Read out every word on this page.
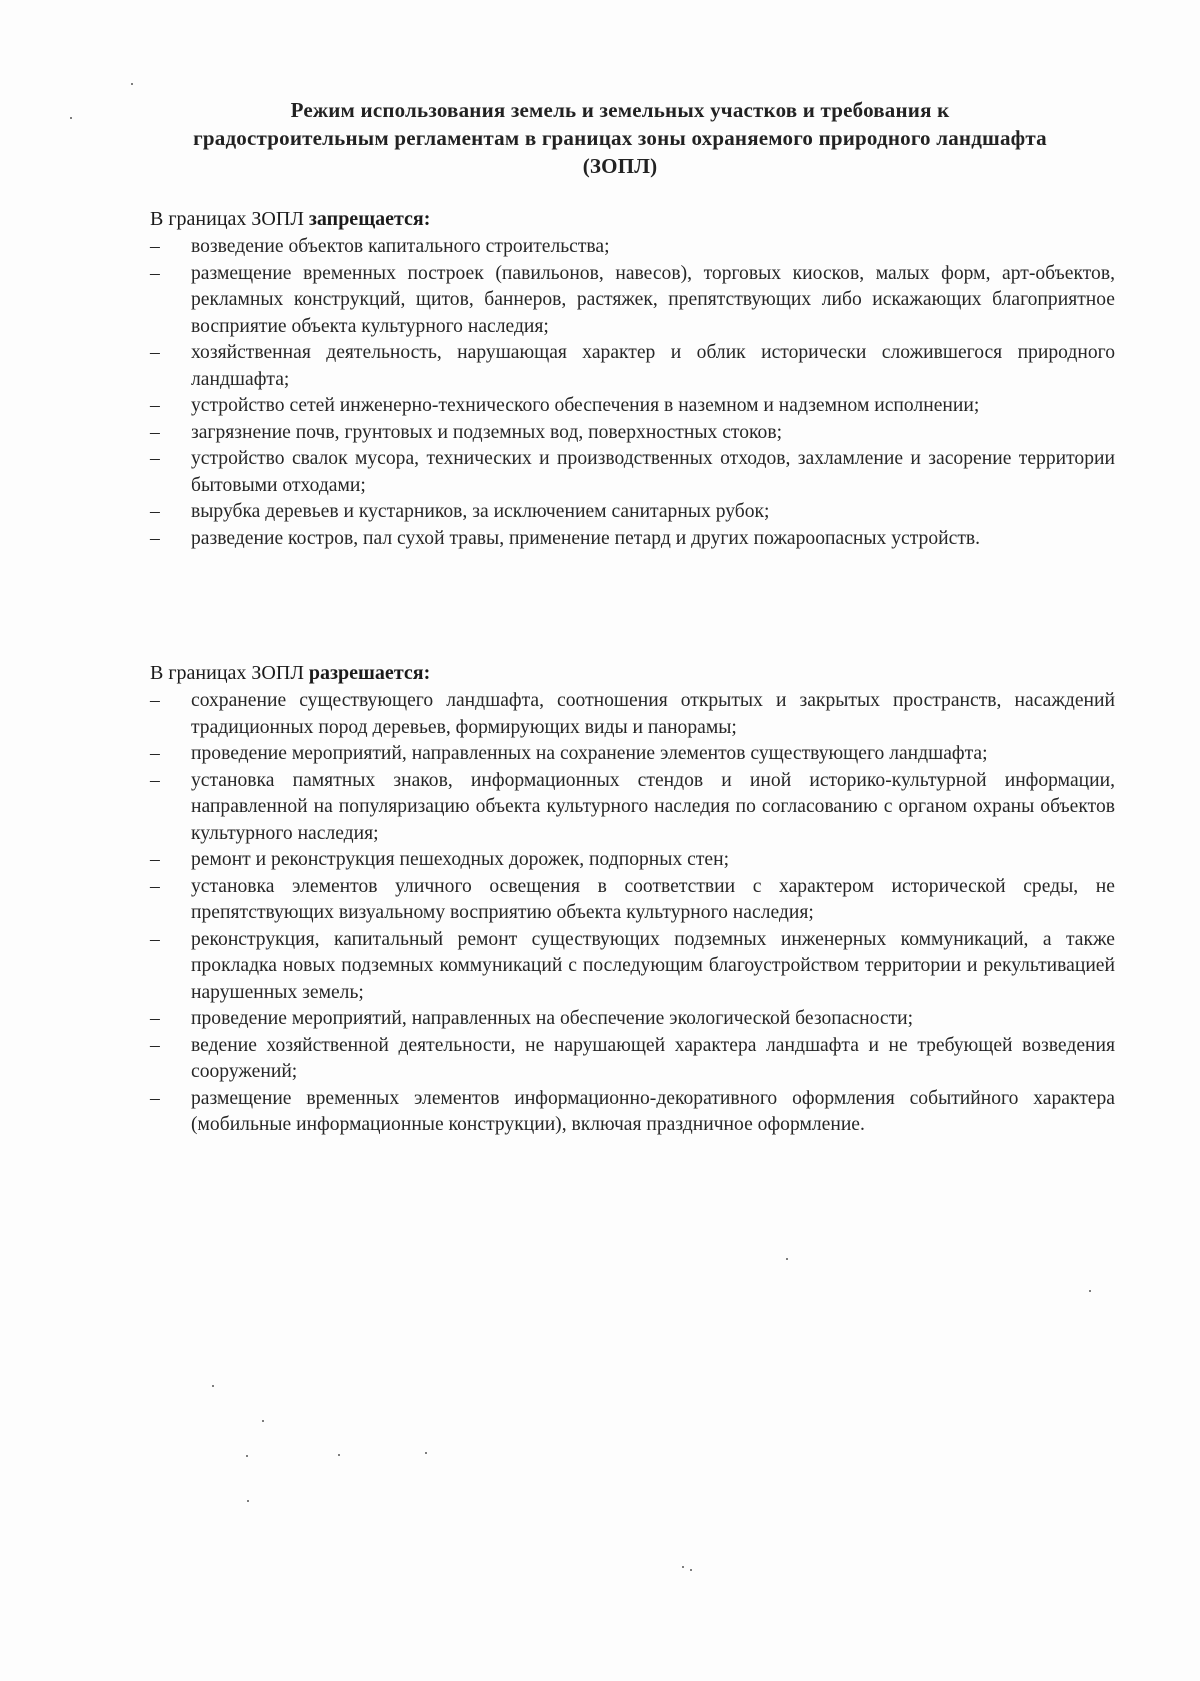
Режим использования земель и земельных участков и требования к
градостроительным регламентам в границах зоны охраняемого природного ландшафта
(ЗОПЛ)
В границах ЗОПЛ запрещается:
–	возведение объектов капитального строительства;
–	размещение временных построек (павильонов, навесов), торговых киосков, малых форм, арт-объектов, рекламных конструкций, щитов, баннеров, растяжек, препятствующих либо искажающих благоприятное восприятие объекта культурного наследия;
–	хозяйственная деятельность, нарушающая характер и облик исторически сложившегося природного ландшафта;
–	устройство сетей инженерно-технического обеспечения в наземном и надземном исполнении;
–	загрязнение почв, грунтовых и подземных вод, поверхностных стоков;
–	устройство свалок мусора, технических и производственных отходов, захламление и засорение территории бытовыми отходами;
–	вырубка деревьев и кустарников, за исключением санитарных рубок;
–	разведение костров, пал сухой травы, применение петард и других пожароопасных устройств.
В границах ЗОПЛ разрешается:
–	сохранение существующего ландшафта, соотношения открытых и закрытых пространств, насаждений традиционных пород деревьев, формирующих виды и панорамы;
–	проведение мероприятий, направленных на сохранение элементов существующего ландшафта;
–	установка памятных знаков, информационных стендов и иной историко-культурной информации, направленной на популяризацию объекта культурного наследия по согласованию с органом охраны объектов культурного наследия;
–	ремонт и реконструкция пешеходных дорожек, подпорных стен;
–	установка элементов уличного освещения в соответствии с характером исторической среды, не препятствующих визуальному восприятию объекта культурного наследия;
–	реконструкция, капитальный ремонт существующих подземных инженерных коммуникаций, а также прокладка новых подземных коммуникаций с последующим благоустройством территории и рекультивацией нарушенных земель;
–	проведение мероприятий, направленных на обеспечение экологической безопасности;
–	ведение хозяйственной деятельности, не нарушающей характера ландшафта и не требующей возведения сооружений;
–	размещение временных элементов информационно-декоративного оформления событийного характера (мобильные информационные конструкции), включая праздничное оформление.
